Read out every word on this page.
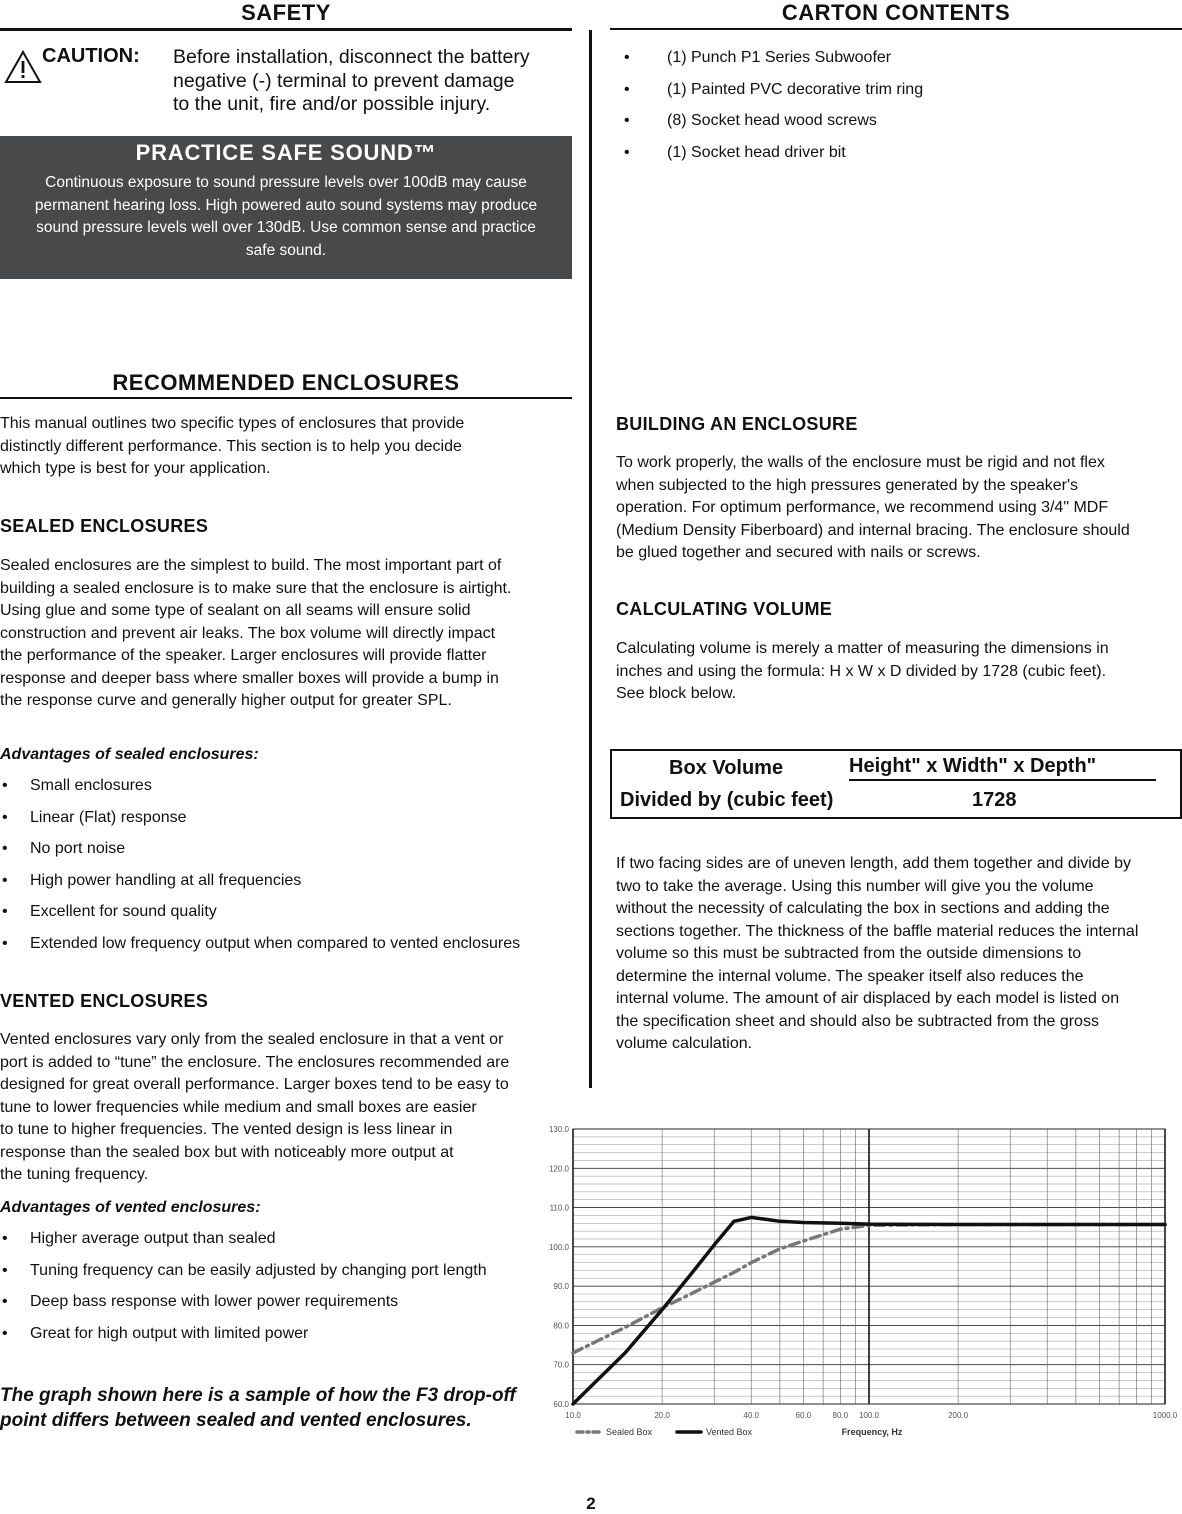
SAFETY
CAUTION: Before installation, disconnect the battery
negative (-) terminal to prevent damage
to the unit, fire and/or possible injury.
PRACTICE SAFE SOUND™
Continuous exposure to sound pressure levels over 100dB may cause permanent hearing loss. High powered auto sound systems may produce sound pressure levels well over 130dB. Use common sense and practice safe sound.
RECOMMENDED ENCLOSURES
This manual outlines two specific types of enclosures that provide
distinctly different performance. This section is to help you decide
which type is best for your application.
SEALED ENCLOSURES
Sealed enclosures are the simplest to build. The most important part of
building a sealed enclosure is to make sure that the enclosure is airtight.
Using glue and some type of sealant on all seams will ensure solid
construction and prevent air leaks. The box volume will directly impact
the performance of the speaker. Larger enclosures will provide flatter
response and deeper bass where smaller boxes will provide a bump in
the response curve and generally higher output for greater SPL.
Advantages of sealed enclosures:
• Small enclosures
• Linear (Flat) response
• No port noise
• High power handling at all frequencies
• Excellent for sound quality
• Extended low frequency output when compared to vented enclosures
VENTED ENCLOSURES
Vented enclosures vary only from the sealed enclosure in that a vent or
port is added to “tune” the enclosure. The enclosures recommended are
designed for great overall performance. Larger boxes tend to be easy to
tune to lower frequencies while medium and small boxes are easier
to tune to higher frequencies. The vented design is less linear in
response than the sealed box but with noticeably more output at
the tuning frequency.
Advantages of vented enclosures:
• Higher average output than sealed
• Tuning frequency can be easily adjusted by changing port length
• Deep bass response with lower power requirements
• Great for high output with limited power
The graph shown here is a sample of how the F3 drop-off
point differs between sealed and vented enclosures.
CARTON CONTENTS
• (1) Punch P1 Series Subwoofer
• (1) Painted PVC decorative trim ring
• (8) Socket head wood screws
• (1) Socket head driver bit
BUILDING AN ENCLOSURE
To work properly, the walls of the enclosure must be rigid and not flex
when subjected to the high pressures generated by the speaker's
operation. For optimum performance, we recommend using 3/4" MDF
(Medium Density Fiberboard) and internal bracing. The enclosure should
be glued together and secured with nails or screws.
CALCULATING VOLUME
Calculating volume is merely a matter of measuring the dimensions in
inches and using the formula: H x W x D divided by 1728 (cubic feet).
See block below.
Box Volume	Height" x Width" x Depth"
Divided by (cubic feet)	1728
If two facing sides are of uneven length, add them together and divide by
two to take the average. Using this number will give you the volume
without the necessity of calculating the box in sections and adding the
sections together. The thickness of the baffle material reduces the internal
volume so this must be subtracted from the outside dimensions to
determine the internal volume. The speaker itself also reduces the
internal volume. The amount of air displaced by each model is listed on
the specification sheet and should also be subtracted from the gross
volume calculation.
60.0
70.0
80.0
90.0
100.0
110.0
120.0
130.0
10.0	20.0	40.0	60.0	80.0 100.0	200.0	1000.0
Frequency, Hz
Sealed Box	Vented Box
2
